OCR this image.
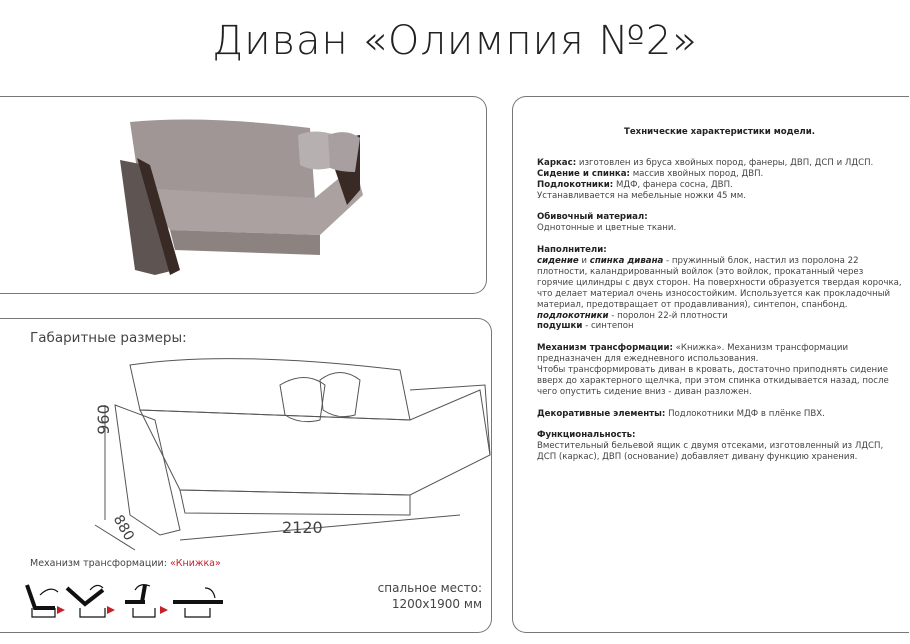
Диван «Олимпия №2»
Габаритные размеры:
960
880	2120
Механизм трансформации: «Книжка»
спальное место:
1200x1900 мм
Технические характеристики модели.

Каркас: изготовлен из бруса хвойных пород, фанеры, ДВП, ДСП и ЛДСП.
Сидение и спинка: массив хвойных пород, ДВП.
Подлокотники: МДФ, фанера сосна, ДВП.
Устанавливается на мебельные ножки 45 мм.

Обивочный материал:
Однотонные и цветные ткани.

Наполнители:
сидение и спинка дивана - пружинный блок, настил из поролона 22 плотности, каландрированный войлок (это войлок, прокатанный через горячие цилиндры с двух сторон. На поверхности образуется твердая корочка, что делает материал очень износостойким. Используется как прокладочный материал, предотвращает от продавливания), синтепон, спанбонд.
подлокотники - поролон 22-й плотности
подушки - синтепон

Механизм трансформации: «Книжка». Механизм трансформации предназначен для ежедневного использования.
Чтобы трансформировать диван в кровать, достаточно приподнять сидение вверх до характерного щелчка, при этом спинка откидывается назад, после чего опустить сидение вниз - диван разложен.

Декоративные элементы: Подлокотники МДФ в плёнке ПВХ.

Функциональность:
Вместительный бельевой ящик с двумя отсеками, изготовленный из ЛДСП, ДСП (каркас), ДВП (основание) добавляет дивану функцию хранения.
